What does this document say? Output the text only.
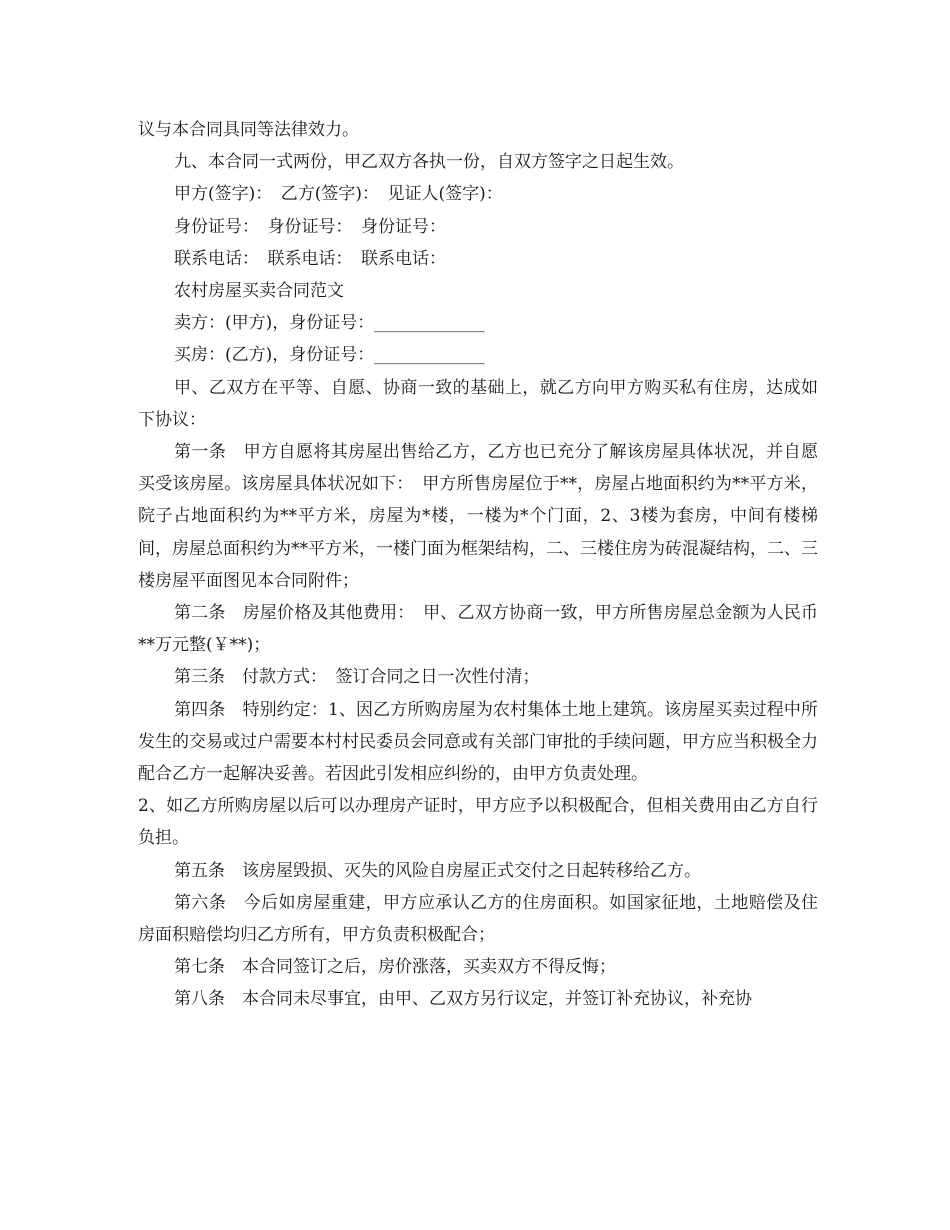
议与本合同具同等法律效力。

九、本合同一式两份，甲乙双方各执一份，自双方签字之日起生效。

甲方(签字)：　乙方(签字)：　见证人(签字)：

身份证号：　身份证号：　身份证号：

联系电话：　联系电话：　联系电话：

农村房屋买卖合同范文

卖方：(甲方)，身份证号：_____________

买房：(乙方)，身份证号：_____________

甲、乙双方在平等、自愿、协商一致的基础上，就乙方向甲方购买私有住房，达成如下协议：

第一条　甲方自愿将其房屋出售给乙方，乙方也已充分了解该房屋具体状况，并自愿买受该房屋。该房屋具体状况如下：　甲方所售房屋位于**，房屋占地面积约为**平方米，院子占地面积约为**平方米，房屋为*楼，一楼为*个门面，2、3楼为套房，中间有楼梯间，房屋总面积约为**平方米，一楼门面为框架结构，二、三楼住房为砖混凝结构，二、三楼房屋平面图见本合同附件；

第二条　房屋价格及其他费用：　甲、乙双方协商一致，甲方所售房屋总金额为人民币**万元整(￥**)；

第三条　付款方式：　签订合同之日一次性付清；

第四条　特别约定：1、因乙方所购房屋为农村集体土地上建筑。该房屋买卖过程中所发生的交易或过户需要本村村民委员会同意或有关部门审批的手续问题，甲方应当积极全力配合乙方一起解决妥善。若因此引发相应纠纷的，由甲方负责处理。

2、如乙方所购房屋以后可以办理房产证时，甲方应予以积极配合，但相关费用由乙方自行负担。

第五条　该房屋毁损、灭失的风险自房屋正式交付之日起转移给乙方。

第六条　今后如房屋重建，甲方应承认乙方的住房面积。如国家征地，土地赔偿及住房面积赔偿均归乙方所有，甲方负责积极配合；

第七条　本合同签订之后，房价涨落，买卖双方不得反悔；

第八条　本合同未尽事宜，由甲、乙双方另行议定，并签订补充协议，补充协
